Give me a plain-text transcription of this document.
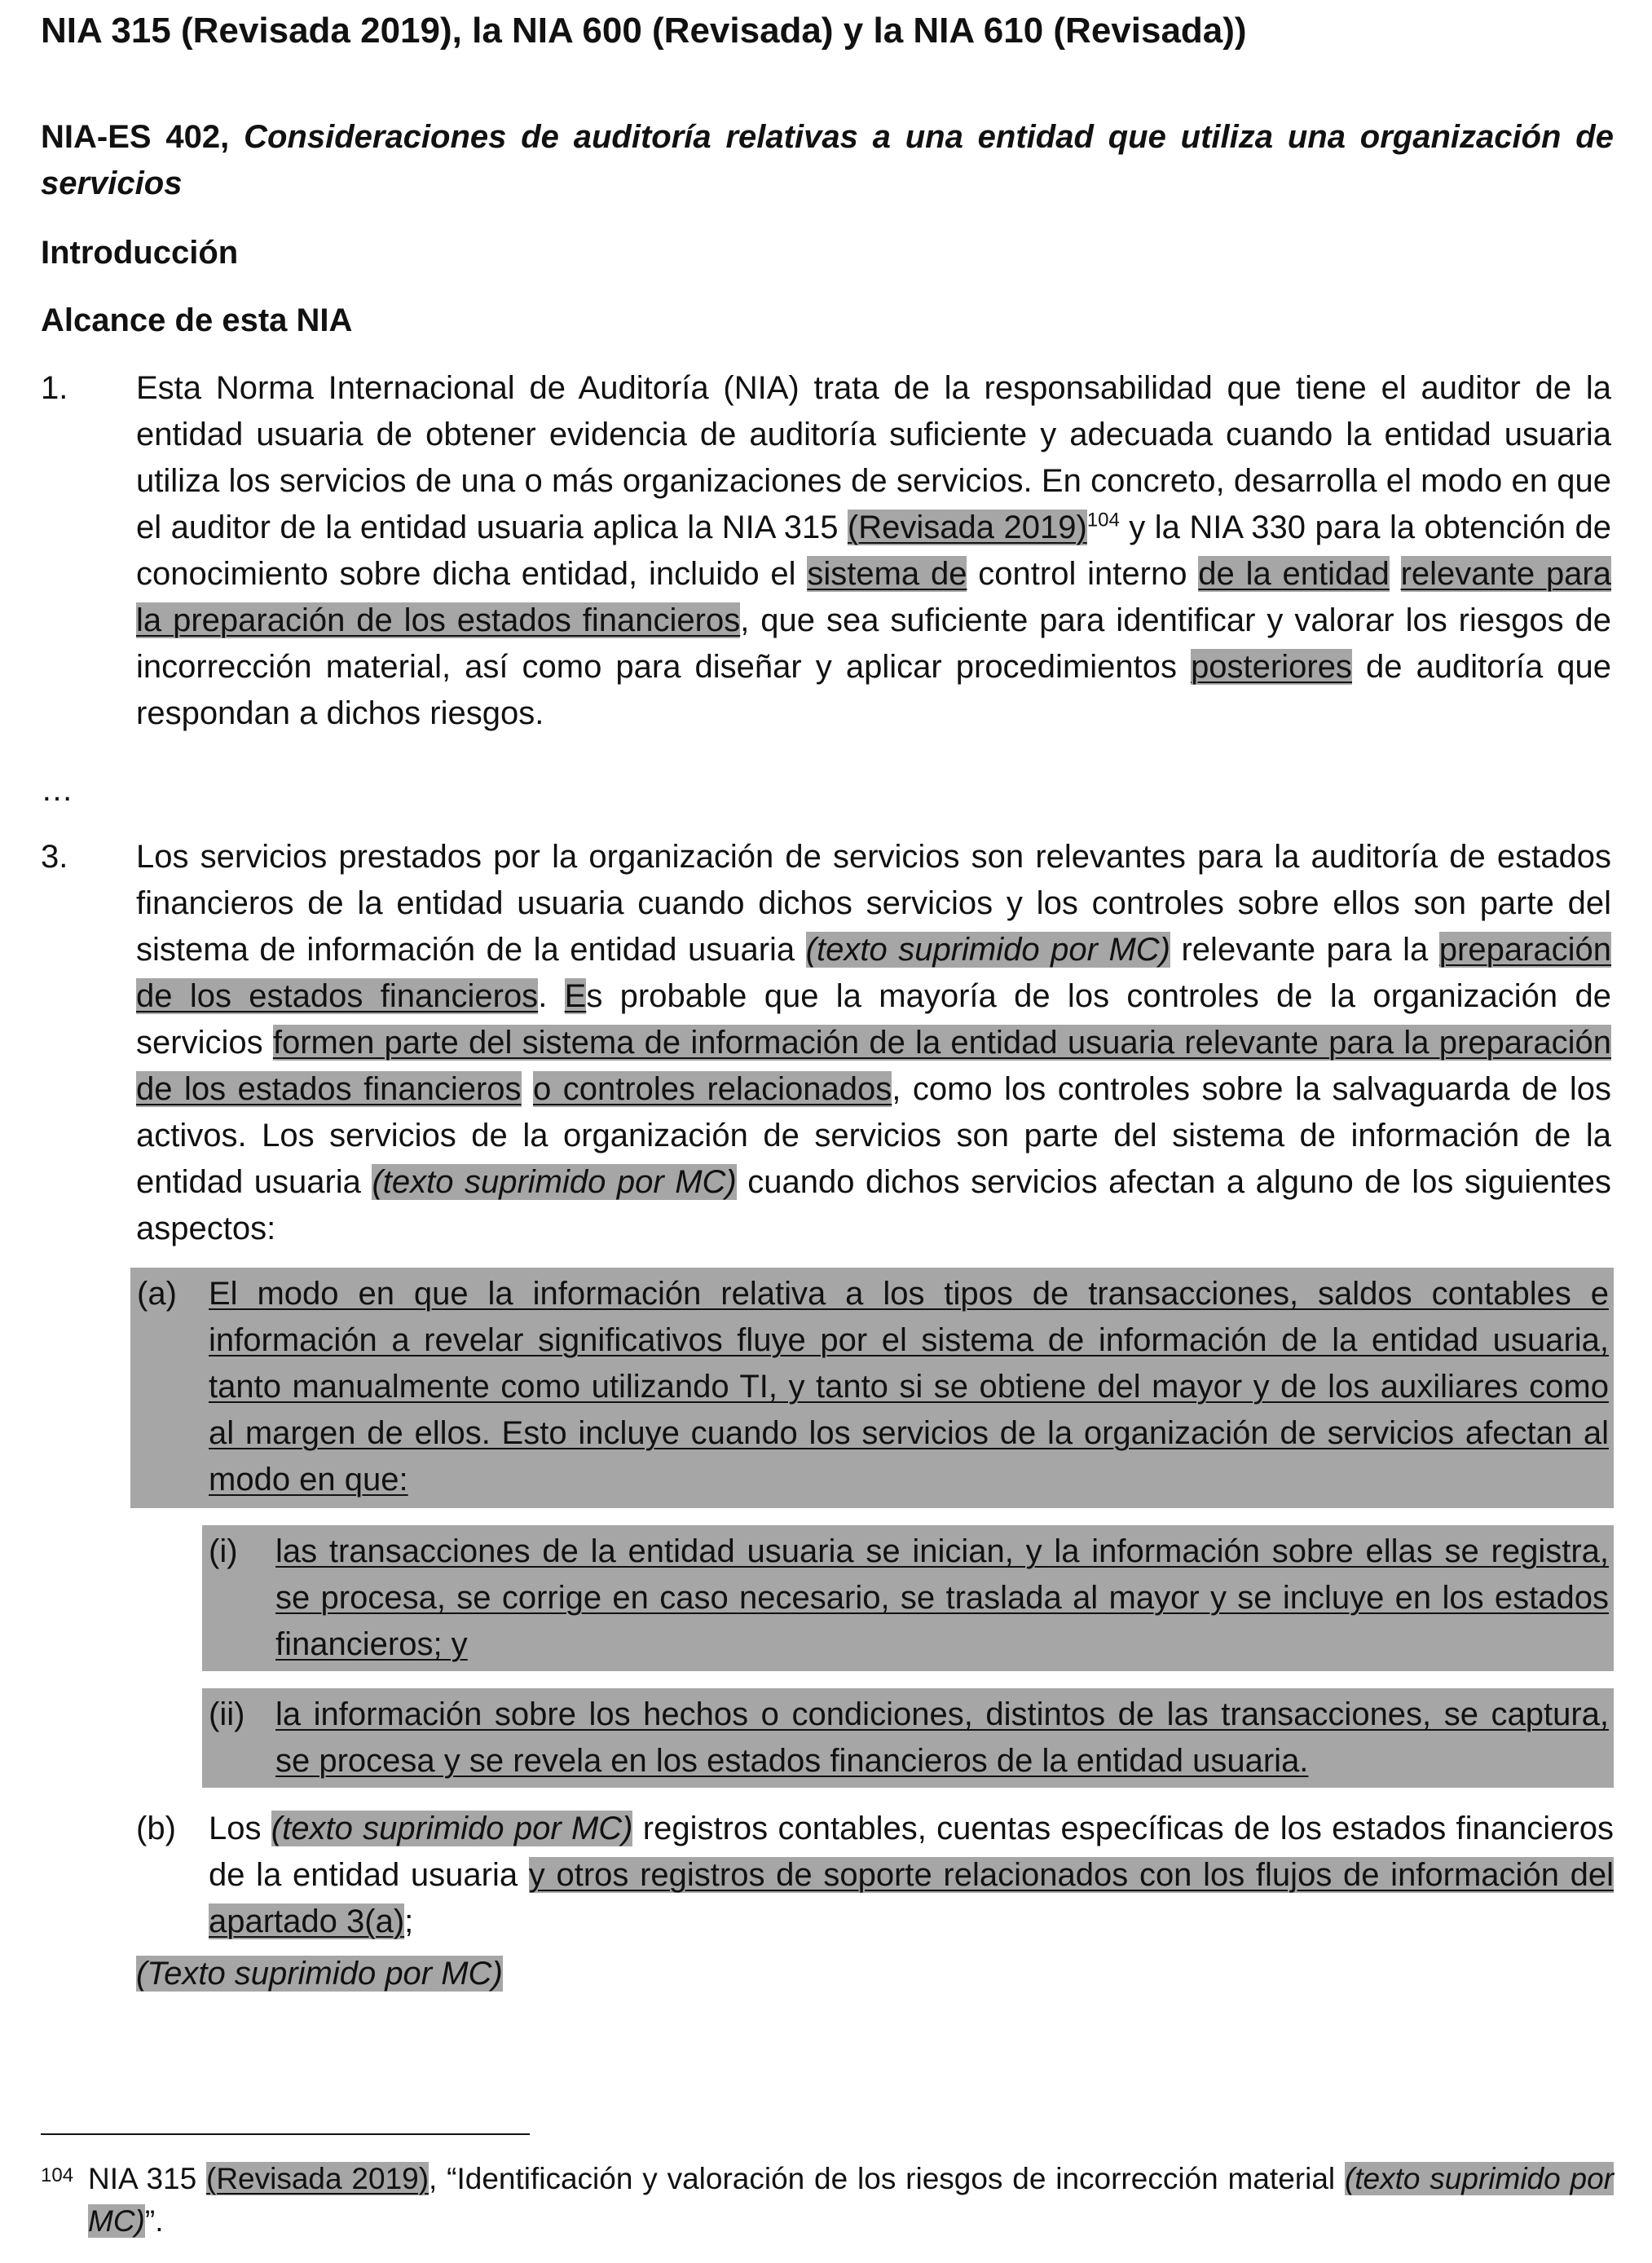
NIA 315 (Revisada 2019), la NIA 600 (Revisada) y la NIA 610 (Revisada))
NIA-ES 402, Consideraciones de auditoría relativas a una entidad que utiliza una organización de servicios
Introducción
Alcance de esta NIA
1. Esta Norma Internacional de Auditoría (NIA) trata de la responsabilidad que tiene el auditor de la entidad usuaria de obtener evidencia de auditoría suficiente y adecuada cuando la entidad usuaria utiliza los servicios de una o más organizaciones de servicios. En concreto, desarrolla el modo en que el auditor de la entidad usuaria aplica la NIA 315 (Revisada 2019)$^{104}$ y la NIA 330 para la obtención de conocimiento sobre dicha entidad, incluido el sistema de control interno de la entidad relevante para la preparación de los estados financieros, que sea suficiente para identificar y valorar los riesgos de incorrección material, así como para diseñar y aplicar procedimientos posteriores de auditoría que respondan a dichos riesgos.
…
3. Los servicios prestados por la organización de servicios son relevantes para la auditoría de estados financieros de la entidad usuaria cuando dichos servicios y los controles sobre ellos son parte del sistema de información de la entidad usuaria (texto suprimido por MC) relevante para la preparación de los estados financieros. Es probable que la mayoría de los controles de la organización de servicios formen parte del sistema de información de la entidad usuaria relevante para la preparación de los estados financieros o controles relacionados, como los controles sobre la salvaguarda de los activos. Los servicios de la organización de servicios son parte del sistema de información de la entidad usuaria (texto suprimido por MC) cuando dichos servicios afectan a alguno de los siguientes aspectos:
(a) El modo en que la información relativa a los tipos de transacciones, saldos contables e información a revelar significativos fluye por el sistema de información de la entidad usuaria, tanto manualmente como utilizando TI, y tanto si se obtiene del mayor y de los auxiliares como al margen de ellos. Esto incluye cuando los servicios de la organización de servicios afectan al modo en que:
(i) las transacciones de la entidad usuaria se inician, y la información sobre ellas se registra, se procesa, se corrige en caso necesario, se traslada al mayor y se incluye en los estados financieros; y
(ii) la información sobre los hechos o condiciones, distintos de las transacciones, se captura, se procesa y se revela en los estados financieros de la entidad usuaria.
(b) Los (texto suprimido por MC) registros contables, cuentas específicas de los estados financieros de la entidad usuaria y otros registros de soporte relacionados con los flujos de información del apartado 3(a);
(Texto suprimido por MC)
104 NIA 315 (Revisada 2019), “Identificación y valoración de los riesgos de incorrección material (texto suprimido por MC)”.
